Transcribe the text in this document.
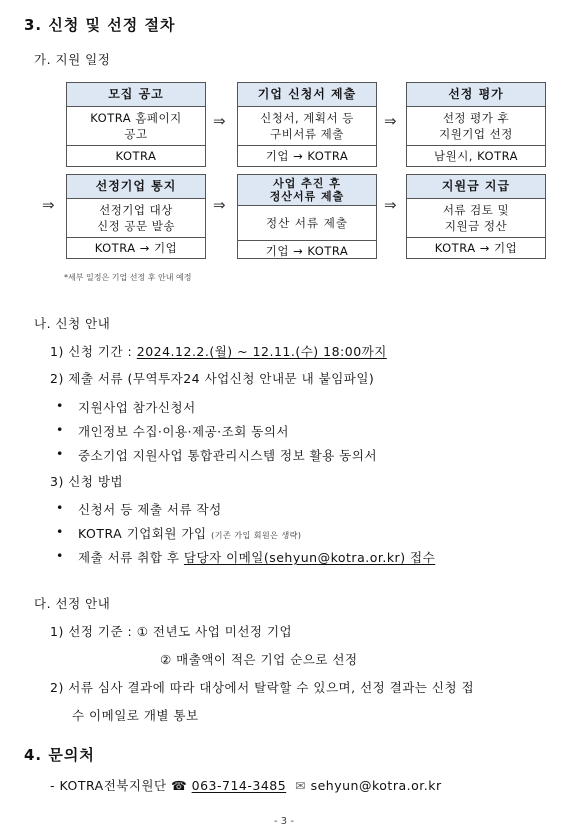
3. 신청 및 선정 절차
가. 지원 일정
모집 공고
KOTRA 홈페이지
공고
KOTRA
⇒
기업 신청서 제출
신청서, 계획서 등
구비서류 제출
기업 → KOTRA
⇒
선정 평가
선정 평가 후
지원기업 선정
남원시, KOTRA
⇒
선정기업 통지
선정기업 대상
신정 공문 발송
KOTRA → 기업
⇒
사업 추진 후
정산서류 제출
정산 서류 제출
기업 → KOTRA
⇒
지원금 지급
서류 검토 및
지원금 정산
KOTRA → 기업
*세부 일정은 기업 선정 후 안내 예정
나. 신청 안내
1) 신청 기간 : 2024.12.2.(월) ~ 12.11.(수) 18:00까지
2) 제출 서류 (무역투자24 사업신청 안내문 내 붙임파일)
• 지원사업 참가신청서
• 개인정보 수집·이용·제공·조회 동의서
• 중소기업 지원사업 통합관리시스템 정보 활용 동의서
3) 신청 방법
• 신청서 등 제출 서류 작성
• KOTRA 기업회원 가입 (기존 가입 회원은 생략)
• 제출 서류 취합 후 담당자 이메일(sehyun@kotra.or.kr) 접수
다. 선정 안내
1) 선정 기준 : ① 전년도 사업 미선정 기업
② 매출액이 적은 기업 순으로 선정
2) 서류 심사 결과에 따라 대상에서 탈락할 수 있으며, 선정 결과는 신청 접
수 이메일로 개별 통보
4. 문의처
- KOTRA전북지원단 ☎ 063-714-3485 ✉ sehyun@kotra.or.kr
- 3 -
